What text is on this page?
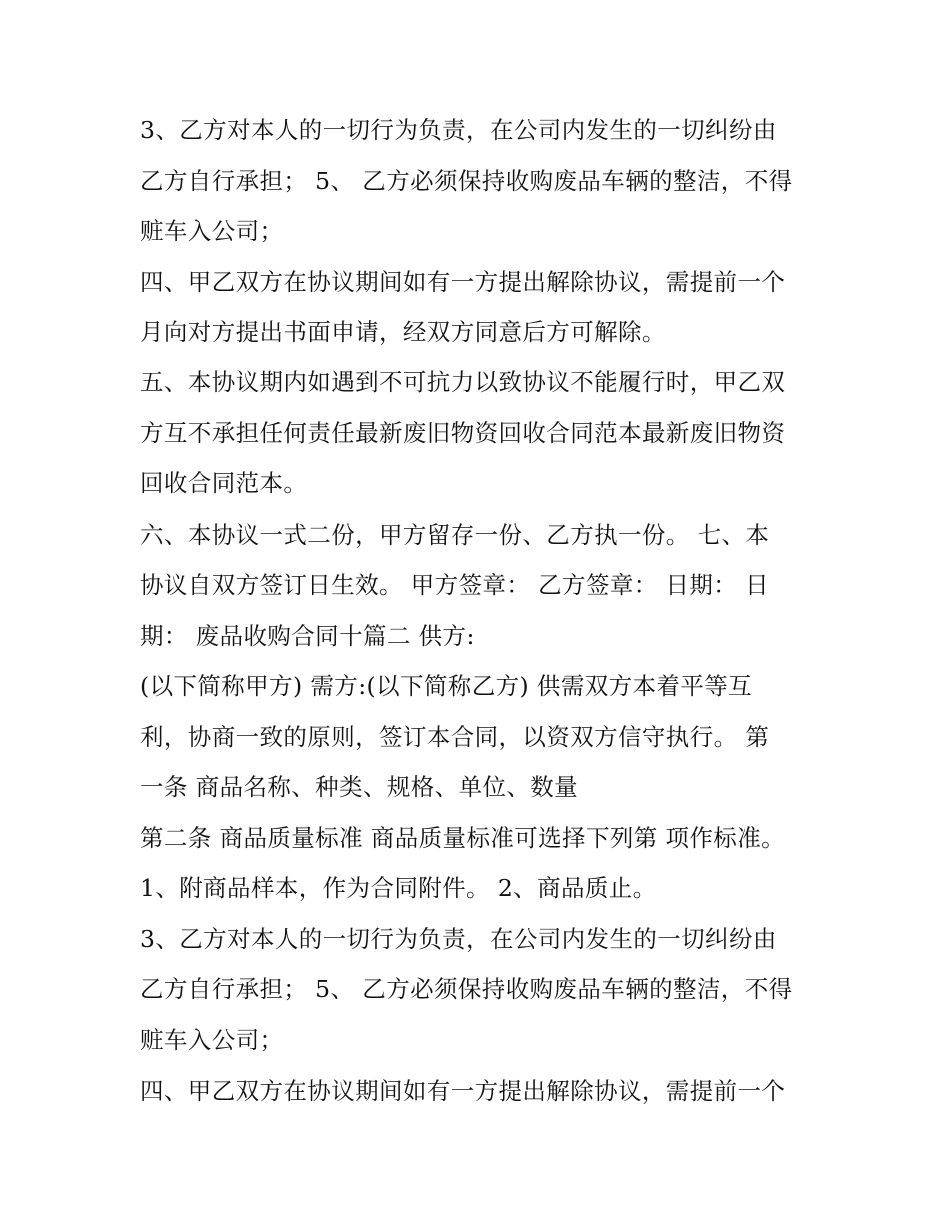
3、乙方对本人的一切行为负责，在公司内发生的一切纠纷由
乙方自行承担； 5、 乙方必须保持收购废品车辆的整洁，不得
赃车入公司；
四、甲乙双方在协议期间如有一方提出解除协议，需提前一个
月向对方提出书面申请，经双方同意后方可解除。
五、本协议期内如遇到不可抗力以致协议不能履行时，甲乙双
方互不承担任何责任最新废旧物资回收合同范本最新废旧物资
回收合同范本。
六、本协议一式二份，甲方留存一份、乙方执一份。 七、本
协议自双方签订日生效。 甲方签章： 乙方签章： 日期： 日
期： 废品收购合同十篇二 供方:
(以下简称甲方) 需方:(以下简称乙方) 供需双方本着平等互
利，协商一致的原则，签订本合同，以资双方信守执行。 第
一条 商品名称、种类、规格、单位、数量
第二条 商品质量标准 商品质量标准可选择下列第 项作标准。
1、附商品样本，作为合同附件。 2、商品质止。
3、乙方对本人的一切行为负责，在公司内发生的一切纠纷由
乙方自行承担； 5、 乙方必须保持收购废品车辆的整洁，不得
赃车入公司；
四、甲乙双方在协议期间如有一方提出解除协议，需提前一个
